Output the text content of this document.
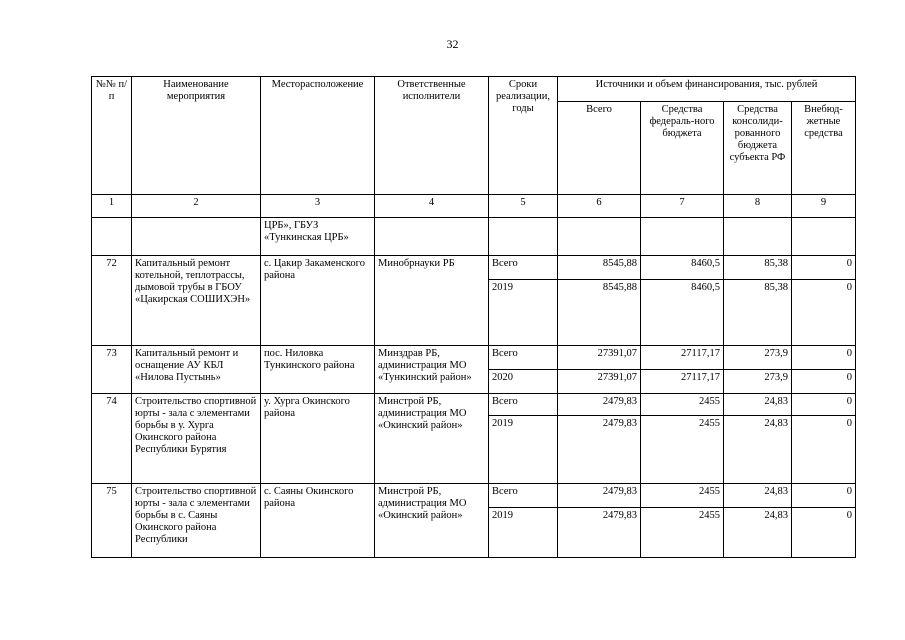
32
№№ п/п	Наименование мероприятия	Месторасположение	Ответственные исполнители	Сроки реализации, годы	Источники и объем финансирования, тыс. рублей			
					Всего	Средства федераль-ного бюджета	Средства консолиди-рованного бюджета субъекта РФ	Внебюд-жетные средства
1	2	3	4	5	6	7	8	9
		ЦРБ», ГБУЗ «Тункинская ЦРБ»						
72	Капитальный ремонт котельной, теплотрассы, дымовой трубы в ГБОУ «Цакирская СОШИХЭН»	с. Цакир Закаменского района	Минобрнауки РБ	Всего	8545,88	8460,5	85,38	0
				2019	8545,88	8460,5	85,38	0
73	Капитальный ремонт и оснащение АУ КБЛ «Нилова Пустынь»	пос. Ниловка Тункинского района	Минздрав РБ, администрация МО «Тункинский район»	Всего	27391,07	27117,17	273,9	0
				2020	27391,07	27117,17	273,9	0
74	Строительство спортивной юрты - зала с элементами борьбы в у. Хурга Окинского района Республики Бурятия	у. Хурга Окинского района	Минстрой РБ, администрация МО «Окинский район»	Всего	2479,83	2455	24,83	0
				2019	2479,83	2455	24,83	0
75	Строительство спортивной юрты - зала с элементами борьбы в с. Саяны Окинского района Республики	с. Саяны Окинского района	Минстрой РБ, администрация МО «Окинский район»	Всего	2479,83	2455	24,83	0
				2019	2479,83	2455	24,83	0
